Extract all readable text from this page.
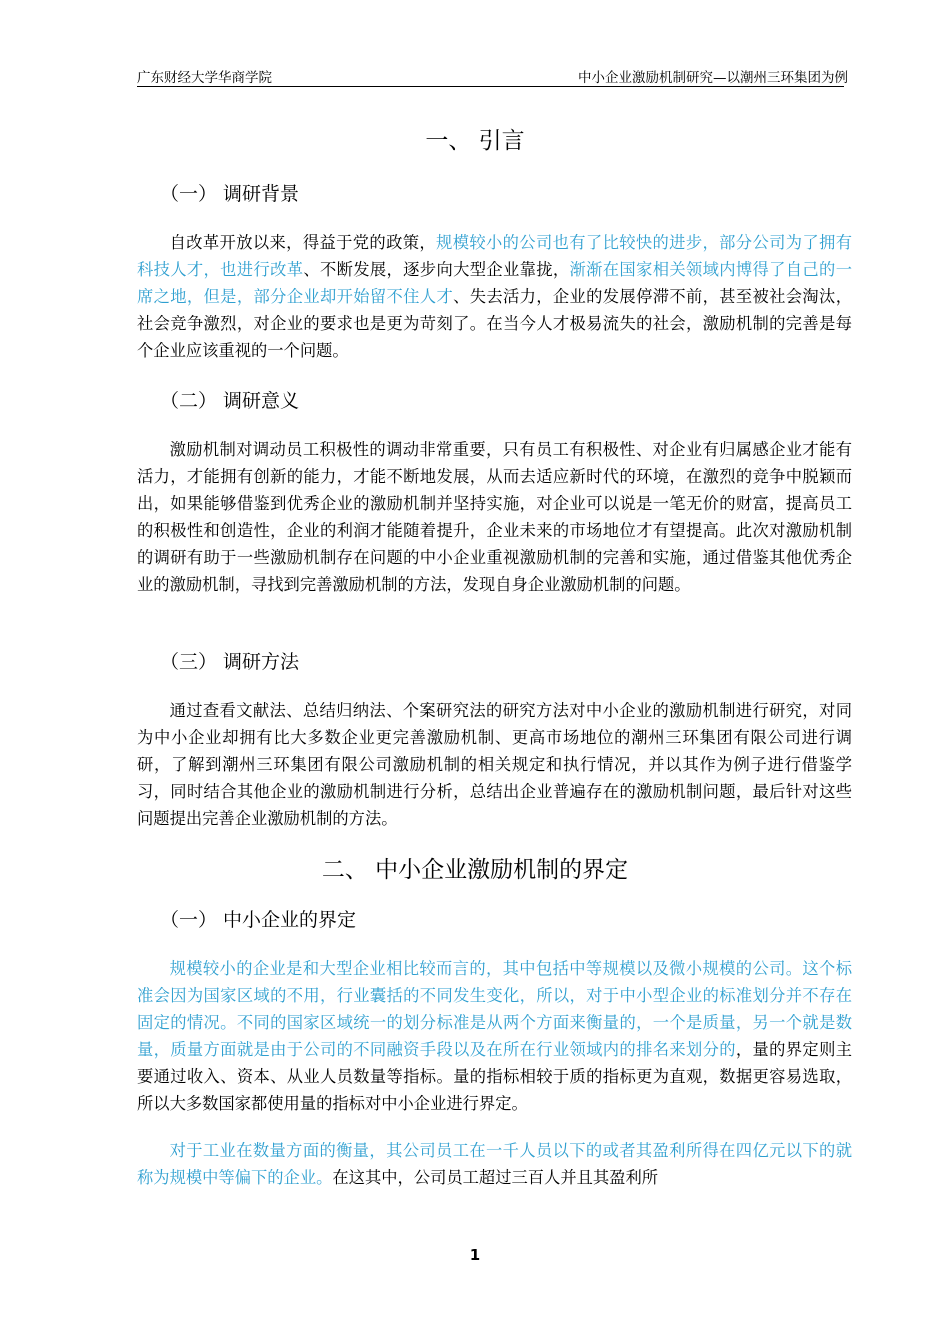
广东财经大学华商学院	中小企业激励机制研究—以潮州三环集团为例
一、 引言
（一） 调研背景

自改革开放以来，得益于党的政策，规模较小的公司也有了比较快的进步，部分公司为了拥有科技人才，也进行改革、不断发展，逐步向大型企业靠拢，渐渐在国家相关领域内博得了自己的一席之地，但是，部分企业却开始留不住人才、失去活力，企业的发展停滞不前，甚至被社会淘汰，社会竞争激烈，对企业的要求也是更为苛刻了。在当今人才极易流失的社会，激励机制的完善是每个企业应该重视的一个问题。

（二） 调研意义

激励机制对调动员工积极性的调动非常重要，只有员工有积极性、对企业有归属感企业才能有活力，才能拥有创新的能力，才能不断地发展，从而去适应新时代的环境，在激烈的竞争中脱颖而出，如果能够借鉴到优秀企业的激励机制并坚持实施，对企业可以说是一笔无价的财富，提高员工的积极性和创造性，企业的利润才能随着提升，企业未来的市场地位才有望提高。此次对激励机制的调研有助于一些激励机制存在问题的中小企业重视激励机制的完善和实施，通过借鉴其他优秀企业的激励机制，寻找到完善激励机制的方法，发现自身企业激励机制的问题。

（三） 调研方法

通过查看文献法、总结归纳法、个案研究法的研究方法对中小企业的激励机制进行研究，对同为中小企业却拥有比大多数企业更完善激励机制、更高市场地位的潮州三环集团有限公司进行调研，了解到潮州三环集团有限公司激励机制的相关规定和执行情况，并以其作为例子进行借鉴学习，同时结合其他企业的激励机制进行分析，总结出企业普遍存在的激励机制问题，最后针对这些问题提出完善企业激励机制的方法。

二、 中小企业激励机制的界定
（一） 中小企业的界定

规模较小的企业是和大型企业相比较而言的，其中包括中等规模以及微小规模的公司。这个标准会因为国家区域的不用，行业囊括的不同发生变化，所以，对于中小型企业的标准划分并不存在固定的情况。不同的国家区域统一的划分标准是从两个方面来衡量的，一个是质量，另一个就是数量，质量方面就是由于公司的不同融资手段以及在所在行业领域内的排名来划分的，量的界定则主要通过收入、资本、从业人员数量等指标。量的指标相较于质的指标更为直观，数据更容易选取，所以大多数国家都使用量的指标对中小企业进行界定。

对于工业在数量方面的衡量，其公司员工在一千人员以下的或者其盈利所得在四亿元以下的就称为规模中等偏下的企业。在这其中，公司员工超过三百人并且其盈利所

1
